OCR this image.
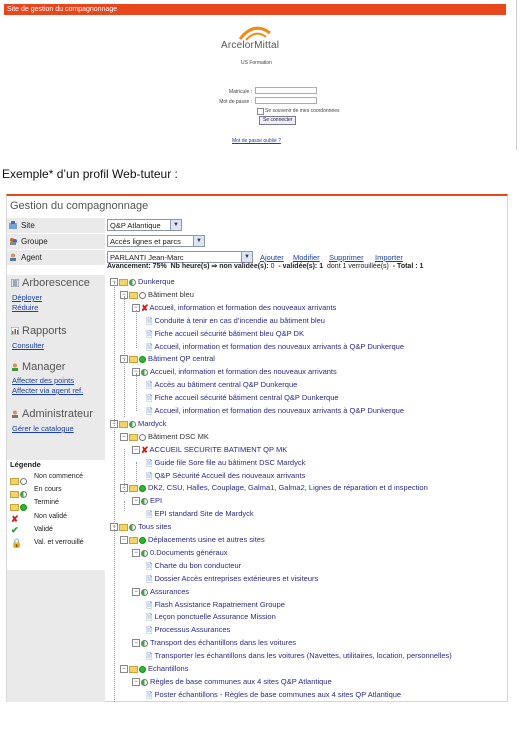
Site de gestion du compagnonnage
ArcelorMittal
US Formation
Matricule :
Mot de passe :
Se souvenir de mes coordonnées
Se connecter
Mot de passe oublié ?
Exemple* d’un profil Web-tuteur :
Gestion du compagnonnage
Site	Q&P Atlantique	▼
Groupe	Accès lignes et parcs	▼
Agent	PARLANTI Jean-Marc	▼ Ajouter Modifier Supprimer Importer
Avancement: 75% Nb heure(s) ⇒ non validée(s): 0 - validée(s): 1 dont 1 verrouillée(s) - Total : 1
Arborescence
Déployer
Réduire
Rapports
Consulter
Manager
Affecter des points
Affecter via agent ref.
Administrateur
Gérer le catalogue
Légende
Non commencé
En cours
Terminé
✘ Non validé
✔ Validé
🔒 Val. et verrouillé
−	Dunkerque
−	Bâtiment bleu
− ✘Accueil, information et formation des nouveaux arrivants
🗎 Conduite à tenir en cas d’incendie au bâtiment bleu
🗎 Fiche accueil sécurité bâtiment bleu Q&P DK
🗎 Accueil, information et formation des nouveaux arrivants à Q&P Dunkerque
−	Bâtiment QP central
− Accueil, information et formation des nouveaux arrivants
🗎 Accès au bâtiment central Q&P Dunkerque
🗎 Fiche accueil sécurité bâtiment central Q&P Dunkerque
🗎 Accueil, information et formation des nouveaux arrivants à Q&P Dunkerque
−	Mardyck
−	Bâtiment DSC MK
− ✘ACCUEIL SECURITE BATIMENT QP MK
🗎 Guide file Sore file au bâtiment DSC Mardyck
🗎 Q&P Sécurité Accueil des nouveaux arrivants
−	DK2, CSU, Halles, Couplage, Galma1, Galma2, Lignes de réparation et d inspection
− EPI
🗎 EPI standard Site de Mardyck
−	Tous sites
−	Déplacements usine et autres sites
− 0.Documents généraux
🗎 Charte du bon conducteur
🗎 Dossier Accès entreprises extérieures et visiteurs
− Assurances
🗎 Flash Assistance Rapatriement Groupe
🗎 Leçon ponctuelle Assurance Mission
🗎 Processus Assurances
− Transport des échantillons dans les voitures
🗎 Transporter les échantillons dans les voitures (Navettes, utilitaires, location, personnelles)
−	Echantillons
− Règles de base communes aux 4 sites Q&P Atlantique
🗎 Poster échantillons - Règles de base communes aux 4 sites QP Atlantique
